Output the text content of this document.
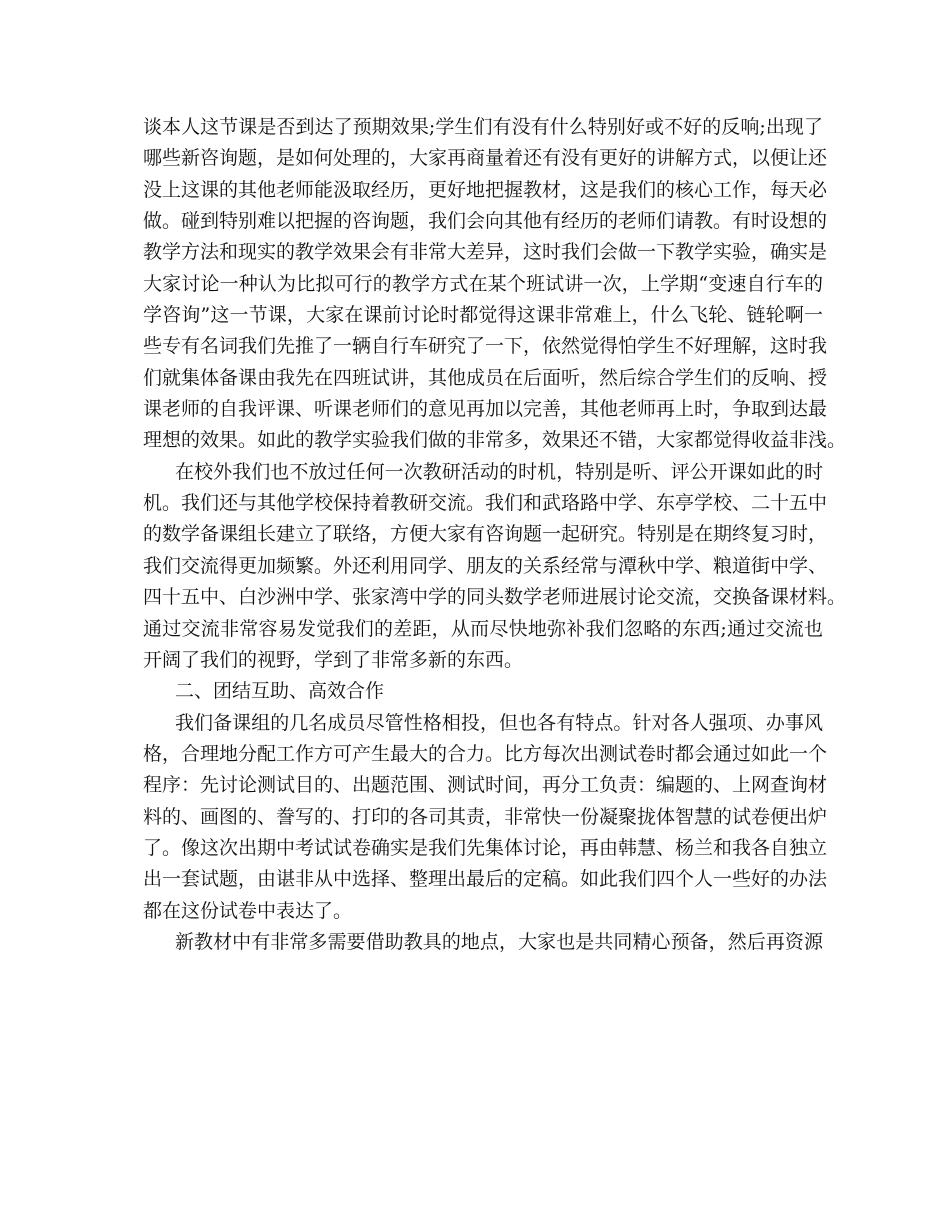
谈本人这节课是否到达了预期效果;学生们有没有什么特别好或不好的反响;出现了
哪些新咨询题，是如何处理的，大家再商量着还有没有更好的讲解方式，以便让还
没上这课的其他老师能汲取经历，更好地把握教材，这是我们的核心工作，每天必
做。碰到特别难以把握的咨询题，我们会向其他有经历的老师们请教。有时设想的
教学方法和现实的教学效果会有非常大差异，这时我们会做一下教学实验，确实是
大家讨论一种认为比拟可行的教学方式在某个班试讲一次，上学期“变速自行车的
学咨询”这一节课，大家在课前讨论时都觉得这课非常难上，什么飞轮、链轮啊一
些专有名词我们先推了一辆自行车研究了一下，依然觉得怕学生不好理解，这时我
们就集体备课由我先在四班试讲，其他成员在后面听，然后综合学生们的反响、授
课老师的自我评课、听课老师们的意见再加以完善，其他老师再上时，争取到达最
理想的效果。如此的教学实验我们做的非常多，效果还不错，大家都觉得收益非浅。
在校外我们也不放过任何一次教研活动的时机，特别是听、评公开课如此的时
机。我们还与其他学校保持着教研交流。我们和武珞路中学、东亭学校、二十五中
的数学备课组长建立了联络，方便大家有咨询题一起研究。特别是在期终复习时，
我们交流得更加频繁。外还利用同学、朋友的关系经常与潭秋中学、粮道街中学、
四十五中、白沙洲中学、张家湾中学的同头数学老师进展讨论交流，交换备课材料。
通过交流非常容易发觉我们的差距，从而尽快地弥补我们忽略的东西;通过交流也
开阔了我们的视野，学到了非常多新的东西。
二、团结互助、高效合作
我们备课组的几名成员尽管性格相投，但也各有特点。针对各人强项、办事风
格，合理地分配工作方可产生最大的合力。比方每次出测试卷时都会通过如此一个
程序：先讨论测试目的、出题范围、测试时间，再分工负责：编题的、上网查询材
料的、画图的、誊写的、打印的各司其责，非常快一份凝聚拢体智慧的试卷便出炉
了。像这次出期中考试试卷确实是我们先集体讨论，再由韩慧、杨兰和我各自独立
出一套试题，由谌非从中选择、整理出最后的定稿。如此我们四个人一些好的办法
都在这份试卷中表达了。
新教材中有非常多需要借助教具的地点，大家也是共同精心预备，然后再资源
